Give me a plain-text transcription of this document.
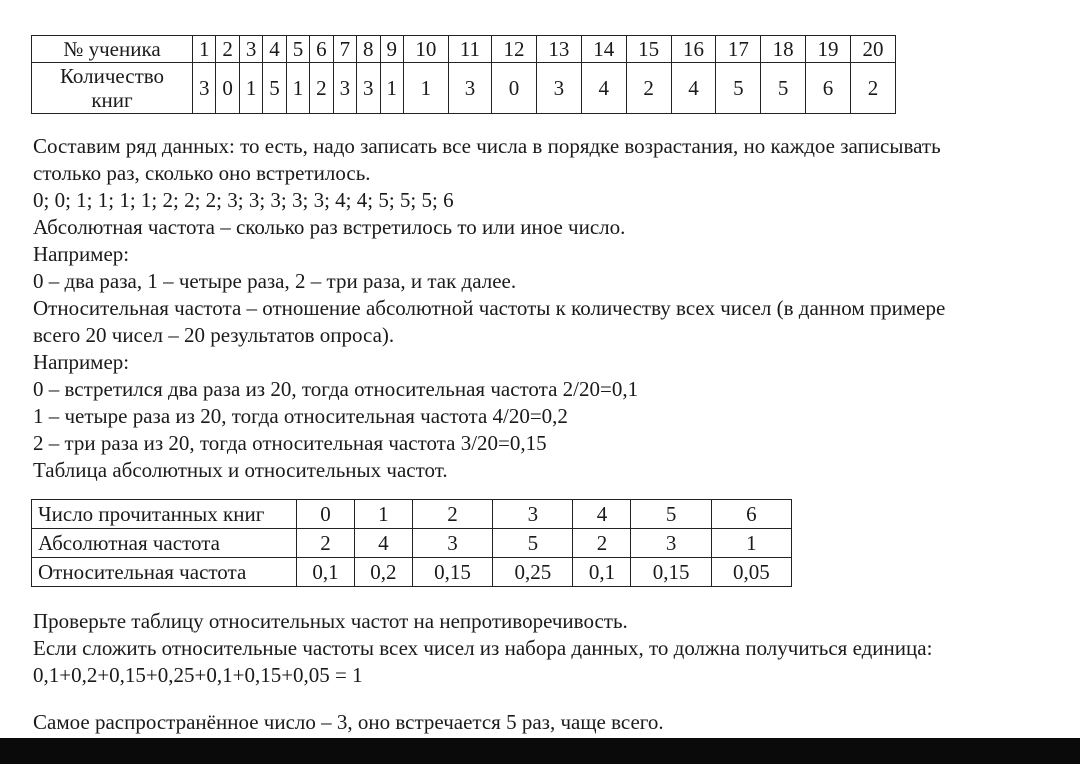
№ ученика	1	2	3	4	5	6	7	8	9	10	11	12	13	14	15	16	17	18	19	20
Количество
книг	3	0	1	5	1	2	3	3	1	1	3	0	3	4	2	4	5	5	6	2
Составим ряд данных: то есть, надо записать все числа в порядке возрастания, но каждое записывать
столько раз, сколько оно встретилось.
0; 0; 1; 1; 1; 1; 2; 2; 2; 3; 3; 3; 3; 3; 4; 4; 5; 5; 5; 6
Абсолютная частота – сколько раз встретилось то или иное число.
Например:
0 – два раза, 1 – четыре раза, 2 – три раза, и так далее.
Относительная частота – отношение абсолютной частоты к количеству всех чисел (в данном примере
всего 20 чисел – 20 результатов опроса).
Например:
0 – встретился два раза из 20, тогда относительная частота 2/20=0,1
1 – четыре раза из 20, тогда относительная частота 4/20=0,2
2 – три раза из 20, тогда относительная частота 3/20=0,15
Таблица абсолютных и относительных частот.
Число прочитанных книг	0	1	2	3	4	5	6
Абсолютная частота	2	4	3	5	2	3	1
Относительная частота	0,1	0,2	0,15	0,25	0,1	0,15	0,05
Проверьте таблицу относительных частот на непротиворечивость.
Если сложить относительные частоты всех чисел из набора данных, то должна получиться единица:
0,1+0,2+0,15+0,25+0,1+0,15+0,05 = 1
Самое распространённое число – 3, оно встречается 5 раз, чаще всего.
